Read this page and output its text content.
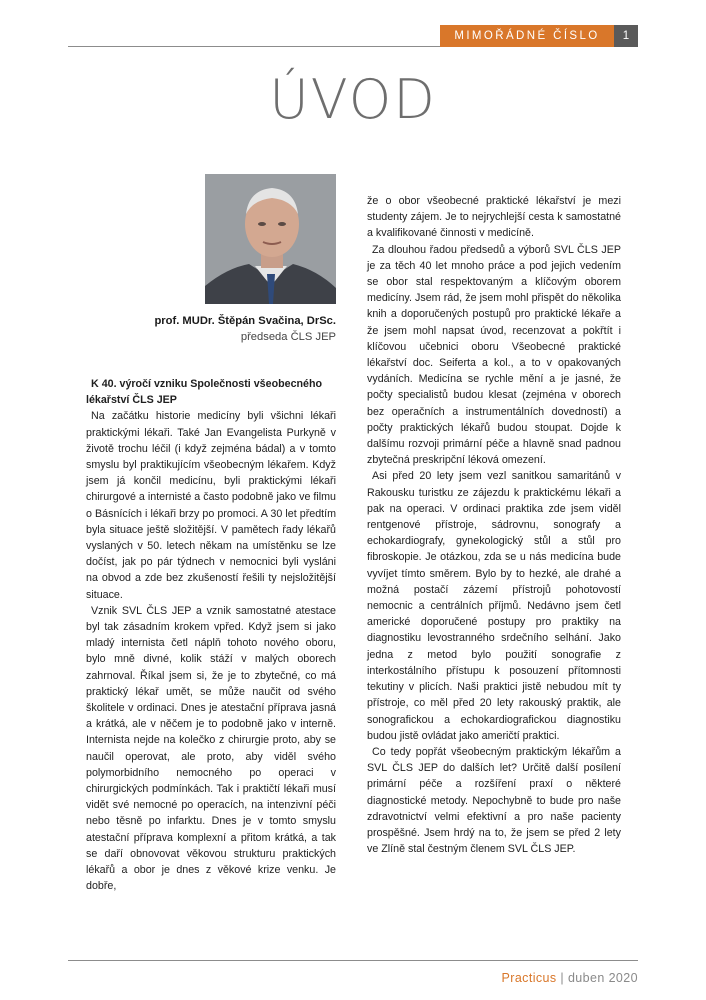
MIMOŘÁDNÉ ČÍSLO	1
ÚVOD
prof. MUDr. Štěpán Svačina, DrSc.
předseda ČLS JEP

K 40. výročí vzniku Společnosti všeobecného lékařství ČLS JEP

Na začátku historie medicíny byli všichni lékaři praktickými lékaři. Také Jan Evangelista Purkyně v životě trochu léčil (i když zejména bádal) a v tomto smyslu byl praktikujícím všeobecným lékařem. Když jsem já končil medicínu, byli praktickými lékaři chirurgové a internisté a často podobně jako ve filmu o Básnících i lékaři brzy po promoci. A 30 let předtím byla situace ještě složitější. V pamětech řady lékařů vyslaných v 50. letech někam na umístěnku se lze dočíst, jak po pár týdnech v nemocnici byli vysláni na obvod a zde bez zkušeností řešili ty nejsložitější situace.

Vznik SVL ČLS JEP a vznik samostatné atestace byl tak zásadním krokem vpřed. Když jsem si jako mladý internista četl náplň tohoto nového oboru, bylo mně divné, kolik stáží v malých oborech zahrnoval. Říkal jsem si, že je to zbytečné, co má praktický lékař umět, se může naučit od svého školitele v ordinaci. Dnes je atestační příprava jasná a krátká, ale v něčem je to podobně jako v interně. Internista nejde na kolečko z chirurgie proto, aby se naučil operovat, ale proto, aby viděl svého polymorbidního nemocného po operaci v chirurgických podmínkách. Tak i praktičtí lékaři musí vidět své nemocné po operacích, na intenzivní péči nebo těsně po infarktu. Dnes je v tomto smyslu atestační příprava komplexní a přitom krátká, a tak se daří obnovovat věkovou strukturu praktických lékařů a obor je dnes z věkové krize venku. Je dobře,

že o obor všeobecné praktické lékařství je mezi studenty zájem. Je to nejrychlejší cesta k samostatné a kvalifikované činnosti v medicíně.

Za dlouhou řadou předsedů a výborů SVL ČLS JEP je za těch 40 let mnoho práce a pod jejich vedením se obor stal respektovaným a klíčovým oborem medicíny. Jsem rád, že jsem mohl přispět do několika knih a doporučených postupů pro praktické lékaře a že jsem mohl napsat úvod, recenzovat a pokřtít i klíčovou učebnici oboru Všeobecné praktické lékařství doc. Seiferta a kol., a to v opakovaných vydáních. Medicína se rychle mění a je jasné, že počty specialistů budou klesat (zejména v oborech bez operačních a instrumentálních dovedností) a počty praktických lékařů budou stoupat. Dojde k dalšímu rozvoji primární péče a hlavně snad padnou zbytečná preskripční léková omezení.

Asi před 20 lety jsem vezl sanitkou samaritánů v Rakousku turistku ze zájezdu k praktickému lékaři a pak na operaci. V ordinaci praktika zde jsem viděl rentgenové přístroje, sádrovnu, sonografy a echokardiografy, gynekologický stůl a stůl pro fibroskopie. Je otázkou, zda se u nás medicína bude vyvíjet tímto směrem. Bylo by to hezké, ale drahé a možná postačí zázemí přístrojů pohotovostí nemocnic a centrálních příjmů. Nedávno jsem četl americké doporučené postupy pro praktiky na diagnostiku levostranného srdečního selhání. Jako jedna z metod bylo použití sonografie z interkostálního přístupu k posouzení přítomnosti tekutiny v plicích. Naši praktici jistě nebudou mít ty přístroje, co měl před 20 lety rakouský praktik, ale sonografickou a echokardiografickou diagnostiku budou jistě ovládat jako američtí praktici.

Co tedy popřát všeobecným praktickým lékařům a SVL ČLS JEP do dalších let? Určitě další posílení primární péče a rozšíření praxí o některé diagnostické metody. Nepochybně to bude pro naše zdravotnictví velmi efektivní a pro naše pacienty prospěšné. Jsem hrdý na to, že jsem se před 2 lety ve Zlíně stal čestným členem SVL ČLS JEP.

Practicus | duben 2020
